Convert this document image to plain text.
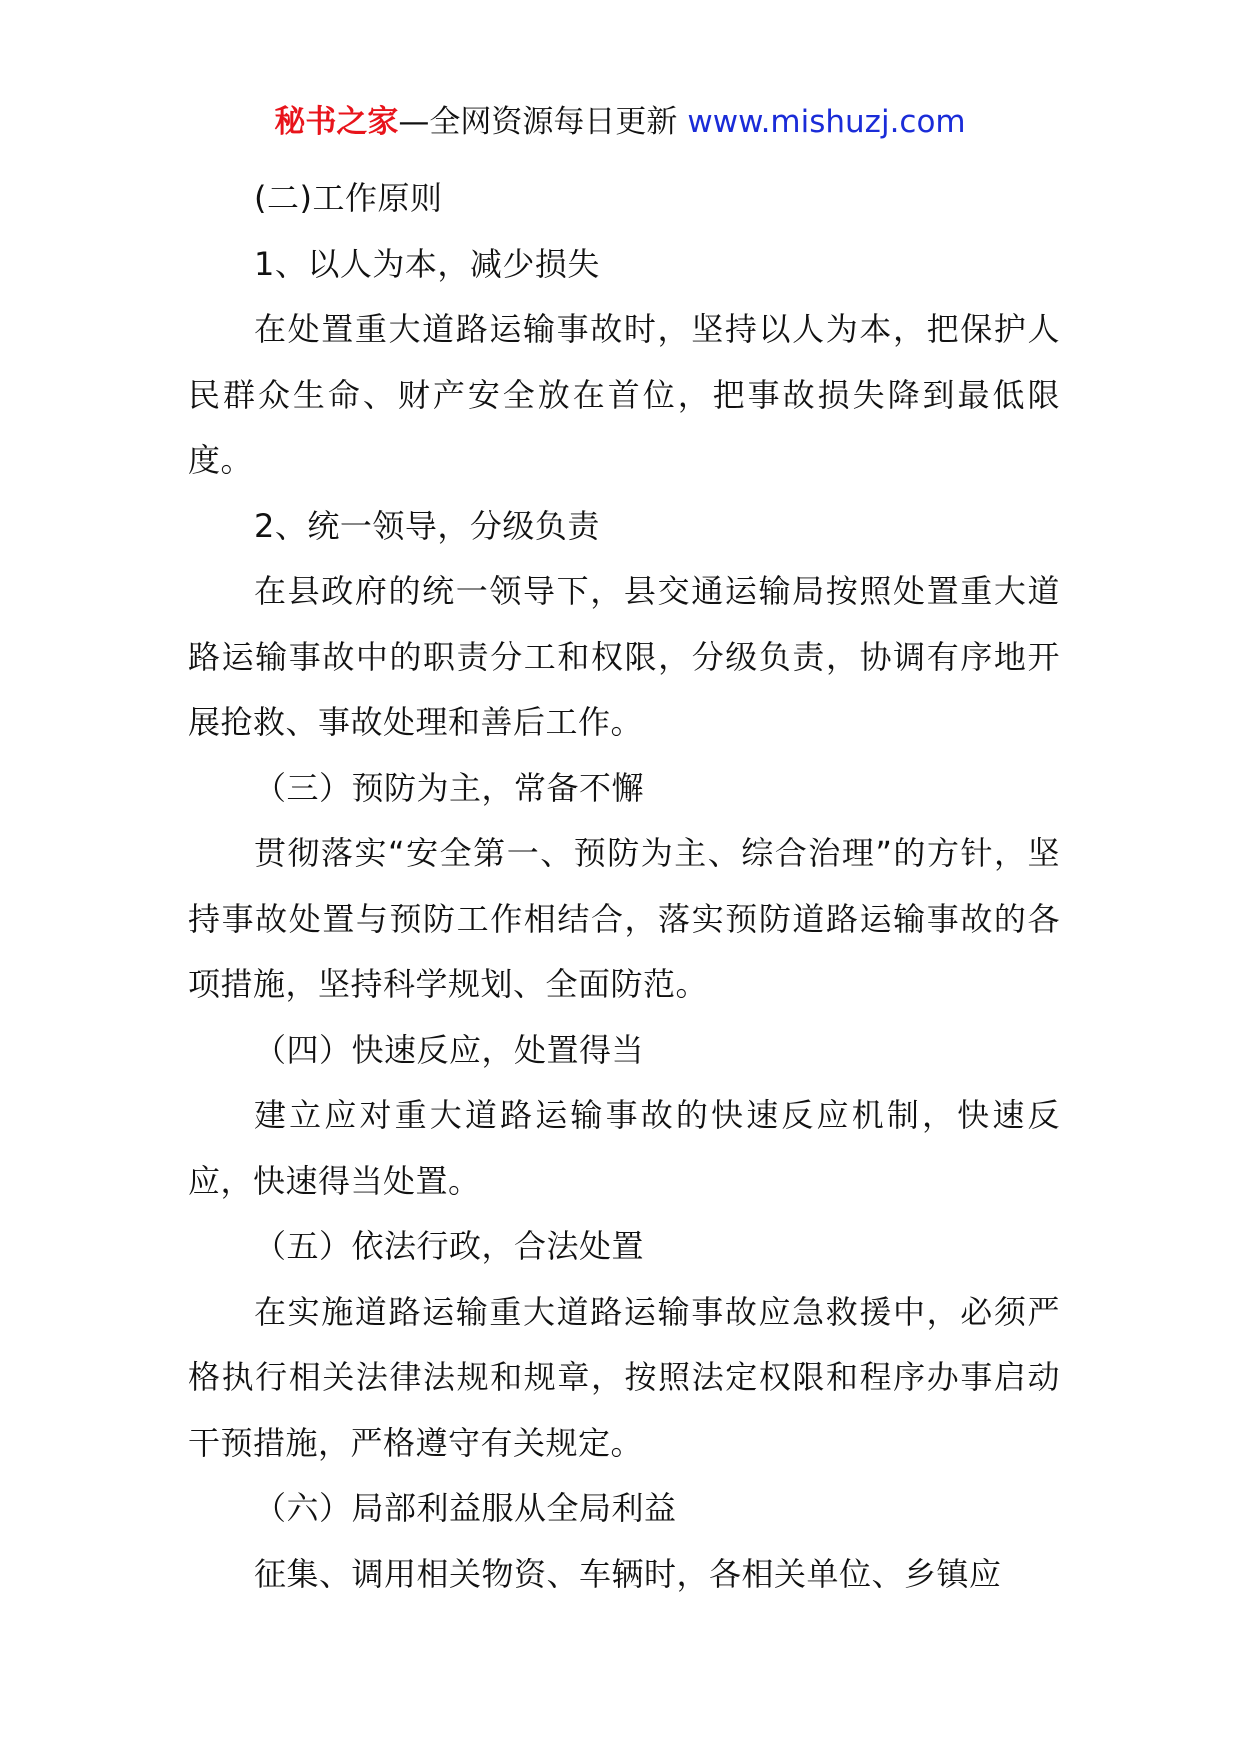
秘书之家—全网资源每日更新 www.mishuzj.com

(二)工作原则

1、以人为本，减少损失

在处置重大道路运输事故时，坚持以人为本，把保护人民群众生命、财产安全放在首位，把事故损失降到最低限度。

2、统一领导，分级负责

在县政府的统一领导下，县交通运输局按照处置重大道路运输事故中的职责分工和权限，分级负责，协调有序地开展抢救、事故处理和善后工作。

（三）预防为主，常备不懈

贯彻落实“安全第一、预防为主、综合治理”的方针，坚持事故处置与预防工作相结合，落实预防道路运输事故的各项措施，坚持科学规划、全面防范。

（四）快速反应，处置得当

建立应对重大道路运输事故的快速反应机制，快速反应，快速得当处置。

（五）依法行政，合法处置

在实施道路运输重大道路运输事故应急救援中，必须严格执行相关法律法规和规章，按照法定权限和程序办事启动干预措施，严格遵守有关规定。

（六）局部利益服从全局利益

征集、调用相关物资、车辆时，各相关单位、乡镇应
